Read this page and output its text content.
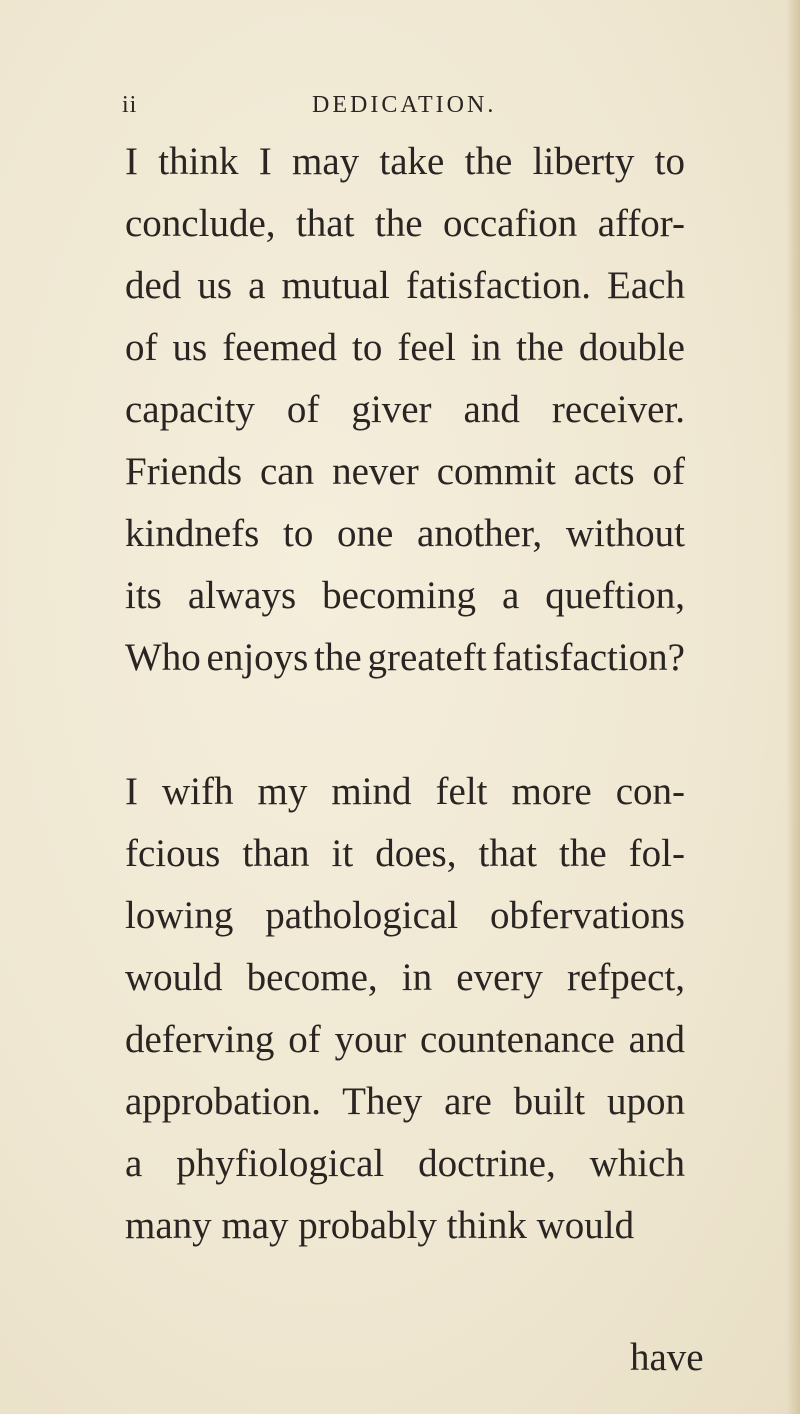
ii	DEDICATION.
I think I may take the liberty to
conclude, that the occafion affor-
ded us a mutual fatisfaction. Each
of us feemed to feel in the double
capacity of giver and receiver.
Friends can never commit acts of
kindnefs to one another, without
its always becoming a queftion,
Who enjoys the greateft fatisfaction?
I wifh my mind felt more con-
fcious than it does, that the fol-
lowing pathological obfervations
would become, in every refpect,
deferving of your countenance and
approbation. They are built upon
a phyfiological doctrine, which
many may probably think would
have
